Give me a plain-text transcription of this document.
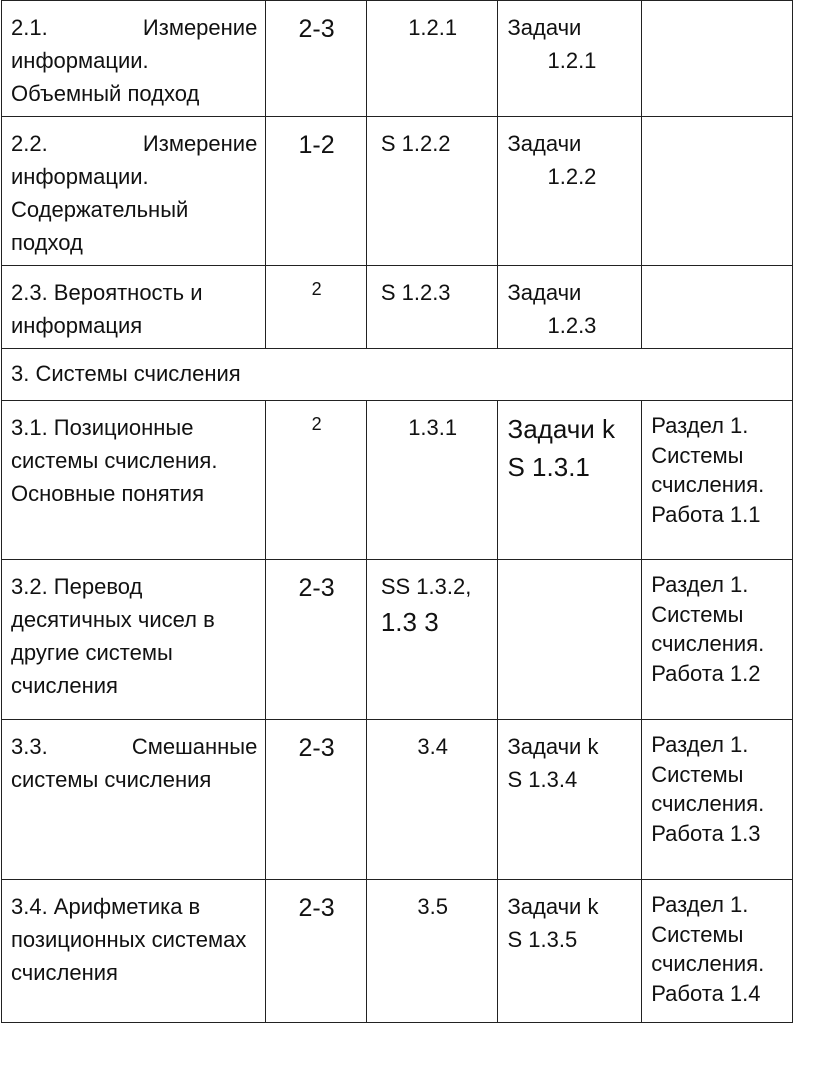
2.1. Измерение информации. Объемный подход	2-3	1.2.1	Задачи
1.2.1	

2.2. Измерение информации. Содержательный подход	1-2	S 1.2.2	Задачи
1.2.2	

2.3. Вероятность и информация	2	S 1.2.3	Задачи
1.2.3	

3. Системы счисления				

3.1. Позиционные системы счисления. Основные понятия	2	1.3.1	Задачи k
S 1.3.1	Раздел 1.
Системы
счисления.
Работа 1.1

3.2. Перевод десятичных чисел в другие системы счисления	2-3	SS 1.3.2,
1.3 3		Раздел 1.
Системы
счисления.
Работа 1.2

3.3. Смешанные системы счисления	2-3	3.4	Задачи k
S 1.3.4	Раздел 1.
Системы
счисления.
Работа 1.3

3.4. Арифметика в позиционных системах счисления	2-3	3.5	Задачи k
S 1.3.5	Раздел 1.
Системы
счисления.
Работа 1.4
